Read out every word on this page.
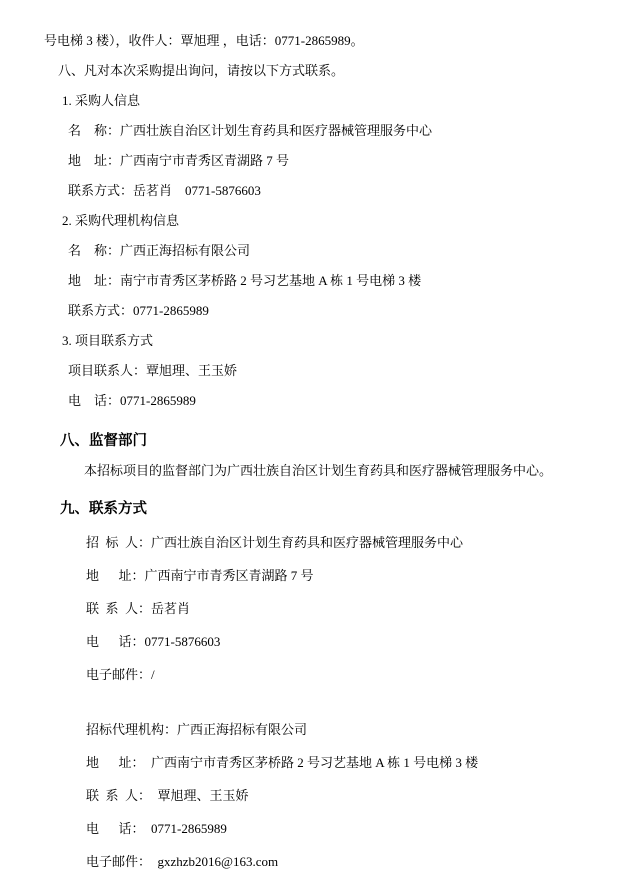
号电梯 3 楼），收件人：覃旭理 ，电话：0771-2865989。

八、凡对本次采购提出询问，请按以下方式联系。

1. 采购人信息

名    称：广西壮族自治区计划生育药具和医疗器械管理服务中心

地    址：广西南宁市青秀区青湖路 7 号

联系方式：岳茗肖    0771-5876603

2. 采购代理机构信息

名    称：广西正海招标有限公司

地    址：南宁市青秀区茅桥路 2 号习艺基地 A 栋 1 号电梯 3 楼

联系方式：0771-2865989

3. 项目联系方式

项目联系人：覃旭理、王玉娇

电    话：0771-2865989

八、监督部门

本招标项目的监督部门为广西壮族自治区计划生育药具和医疗器械管理服务中心。

九、联系方式

招  标  人：广西壮族自治区计划生育药具和医疗器械管理服务中心

地      址：广西南宁市青秀区青湖路 7 号

联  系  人：岳茗肖

电      话：0771-5876603

电子邮件：/

招标代理机构：广西正海招标有限公司

地      址：  广西南宁市青秀区茅桥路 2 号习艺基地 A 栋 1 号电梯 3 楼

联  系  人：  覃旭理、王玉娇

电      话：  0771-2865989

电子邮件：  gxzhzb2016@163.com
